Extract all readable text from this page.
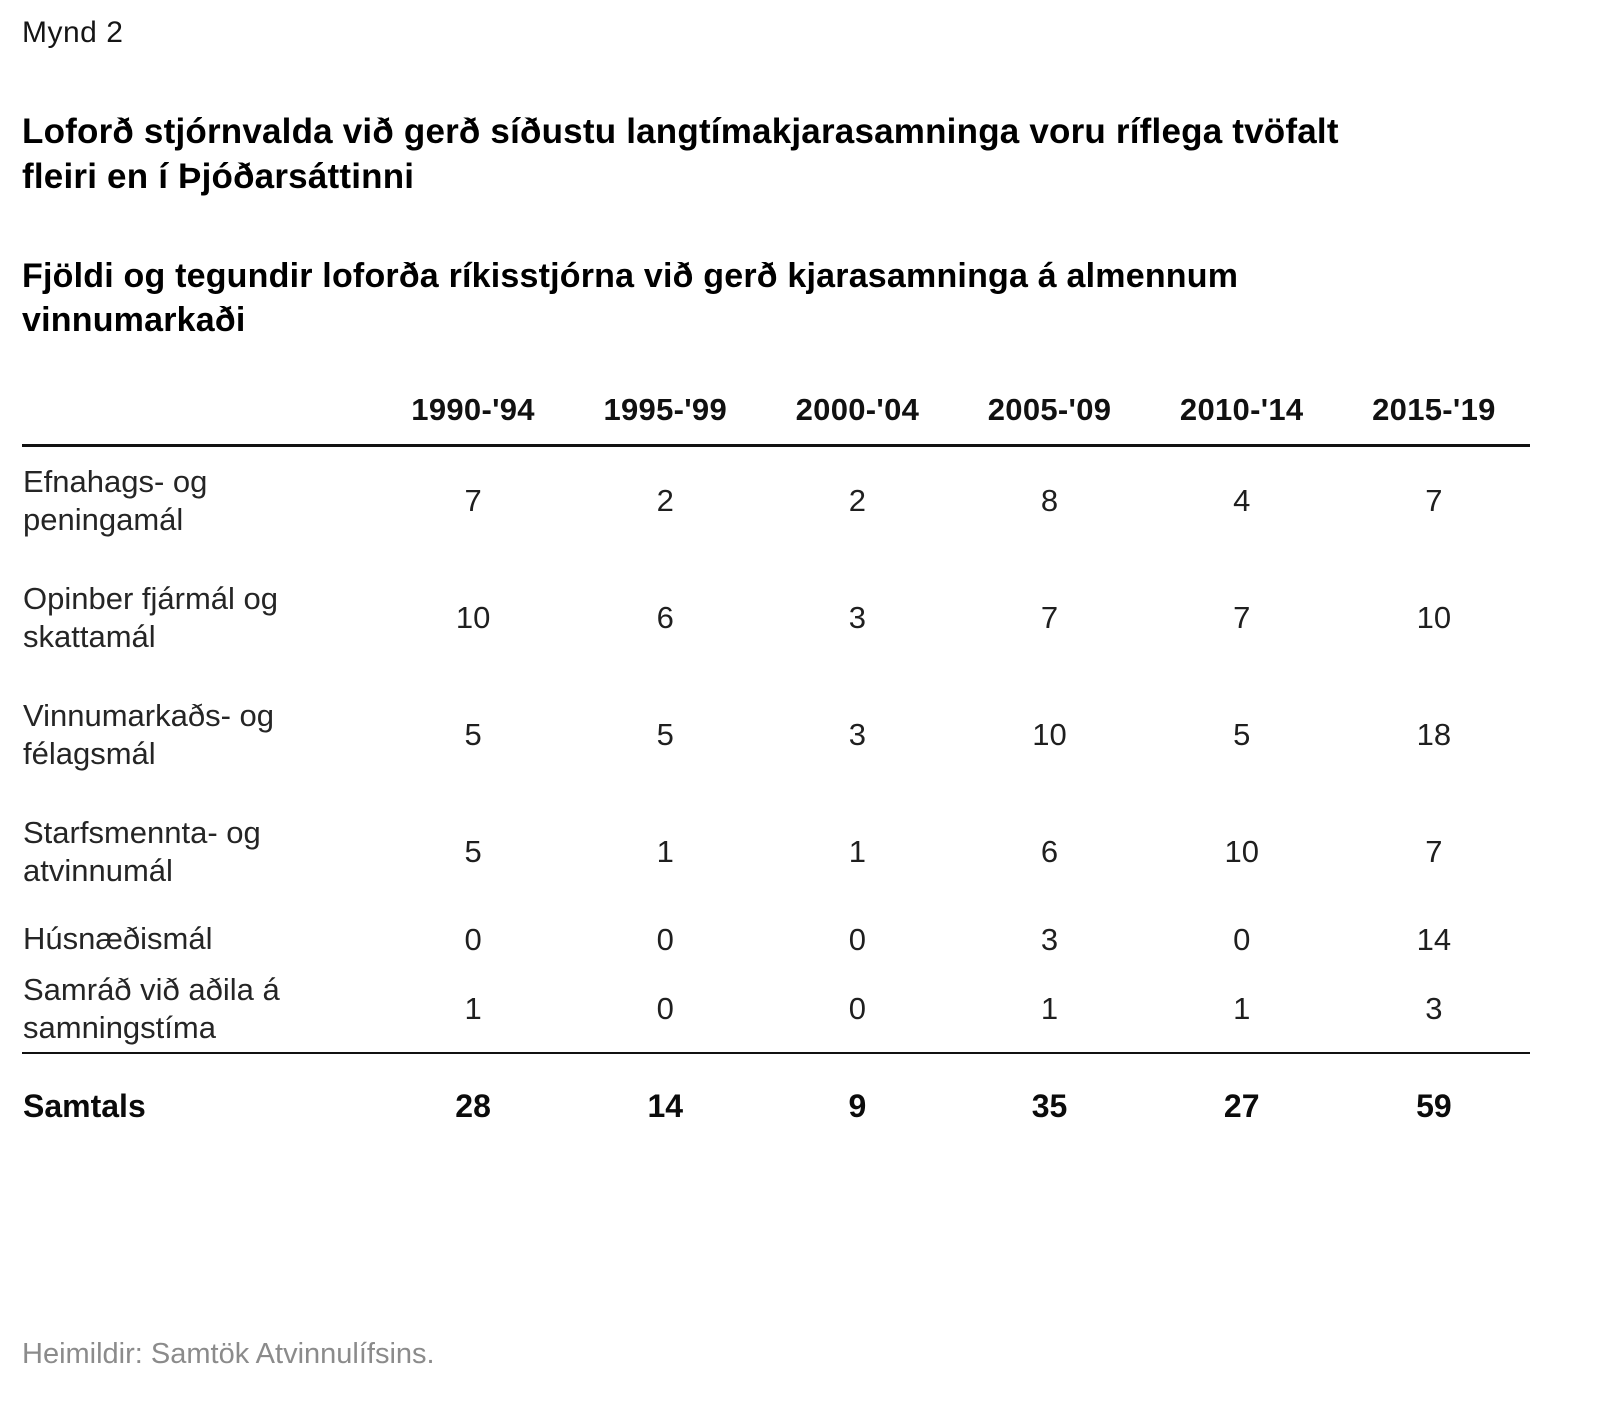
Mynd 2
Loforð stjórnvalda við gerð síðustu langtímakjarasamninga voru ríflega tvöfalt
fleiri en í Þjóðarsáttinni
Fjöldi og tegundir loforða ríkisstjórna við gerð kjarasamninga á almennum
vinnumarkaði
	1990-'94	1995-'99	2000-'04	2005-'09	2010-'14	2015-'19
Efnahags- og peningamál	7	2	2	8	4	7
Opinber fjármál og skattamál	10	6	3	7	7	10
Vinnumarkaðs- og félagsmál	5	5	3	10	5	18
Starfsmennta- og atvinnumál	5	1	1	6	10	7
Húsnæðismál	0	0	0	3	0	14
Samráð við aðila á samningstíma	1	0	0	1	1	3
Samtals	28	14	9	35	27	59
Heimildir: Samtök Atvinnulífsins.
